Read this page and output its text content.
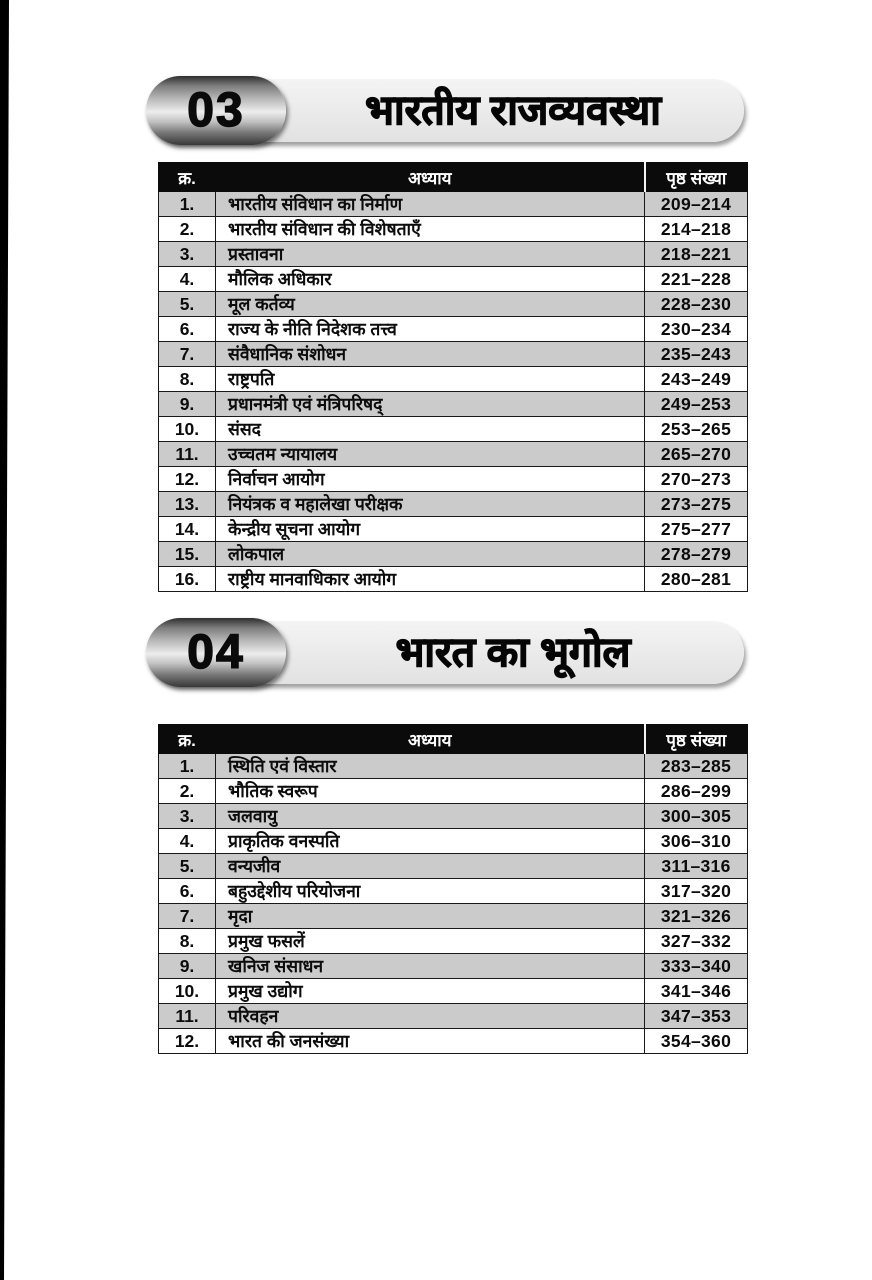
03	भारतीय राजव्यवस्था
क्र.	अध्याय	पृष्ठ संख्या
1.	भारतीय संविधान का निर्माण	209–214
2.	भारतीय संविधान की विशेषताएँ	214–218
3.	प्रस्तावना	218–221
4.	मौलिक अधिकार	221–228
5.	मूल कर्तव्य	228–230
6.	राज्य के नीति निदेशक तत्त्व	230–234
7.	संवैधानिक संशोधन	235–243
8.	राष्ट्रपति	243–249
9.	प्रधानमंत्री एवं मंत्रिपरिषद्	249–253
10.	संसद	253–265
11.	उच्चतम न्यायालय	265–270
12.	निर्वाचन आयोग	270–273
13.	नियंत्रक व महालेखा परीक्षक	273–275
14.	केन्द्रीय सूचना आयोग	275–277
15.	लोकपाल	278–279
16.	राष्ट्रीय मानवाधिकार आयोग	280–281
04	भारत का भूगोल
क्र.	अध्याय	पृष्ठ संख्या
1.	स्थिति एवं विस्तार	283–285
2.	भौतिक स्वरूप	286–299
3.	जलवायु	300–305
4.	प्राकृतिक वनस्पति	306–310
5.	वन्यजीव	311–316
6.	बहुउद्देशीय परियोजना	317–320
7.	मृदा	321–326
8.	प्रमुख फसलें	327–332
9.	खनिज संसाधन	333–340
10.	प्रमुख उद्योग	341–346
11.	परिवहन	347–353
12.	भारत की जनसंख्या	354–360
